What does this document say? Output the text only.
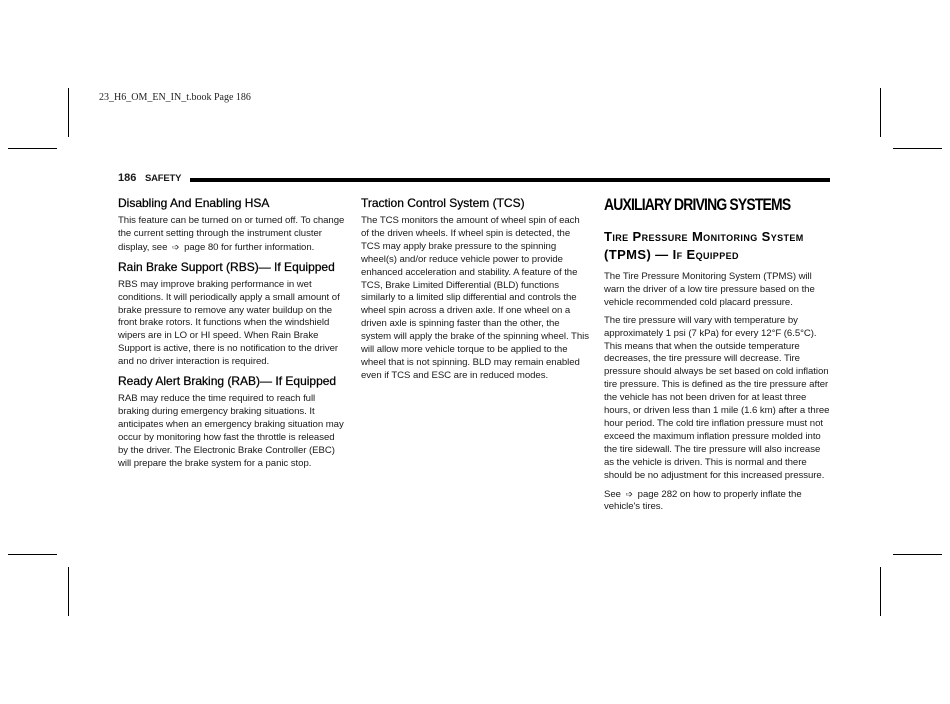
23_H6_OM_EN_IN_t.book Page 186
186 SAFETY
Disabling And Enabling HSA

This feature can be turned on or turned off. To change the current setting through the instrument cluster display, see ➩ page 80 for further information.

Rain Brake Support (RBS)— If Equipped

RBS may improve braking performance in wet conditions. It will periodically apply a small amount of brake pressure to remove any water buildup on the front brake rotors. It functions when the windshield wipers are in LO or HI speed. When Rain Brake Support is active, there is no notification to the driver and no driver interaction is required.

Ready Alert Braking (RAB)— If Equipped

RAB may reduce the time required to reach full braking during emergency braking situations. It anticipates when an emergency braking situation may occur by monitoring how fast the throttle is released by the driver. The Electronic Brake Controller (EBC) will prepare the brake system for a panic stop.

Traction Control System (TCS)

The TCS monitors the amount of wheel spin of each of the driven wheels. If wheel spin is detected, the TCS may apply brake pressure to the spinning wheel(s) and/or reduce vehicle power to provide enhanced acceleration and stability. A feature of the TCS, Brake Limited Differential (BLD) functions similarly to a limited slip differential and controls the wheel spin across a driven axle. If one wheel on a driven axle is spinning faster than the other, the system will apply the brake of the spinning wheel. This will allow more vehicle torque to be applied to the wheel that is not spinning. BLD may remain enabled even if TCS and ESC are in reduced modes.

AUXILIARY DRIVING SYSTEMS
Tire Pressure Monitoring System
(TPMS) — If Equipped

The Tire Pressure Monitoring System (TPMS) will warn the driver of a low tire pressure based on the vehicle recommended cold placard pressure.

The tire pressure will vary with temperature by approximately 1 psi (7 kPa) for every 12°F (6.5°C). This means that when the outside temperature decreases, the tire pressure will decrease. Tire pressure should always be set based on cold inflation tire pressure. This is defined as the tire pressure after the vehicle has not been driven for at least three hours, or driven less than 1 mile (1.6 km) after a three hour period. The cold tire inflation pressure must not exceed the maximum inflation pressure molded into the tire sidewall. The tire pressure will also increase as the vehicle is driven. This is normal and there should be no adjustment for this increased pressure.

See ➩ page 282 on how to properly inflate the vehicle's tires.
